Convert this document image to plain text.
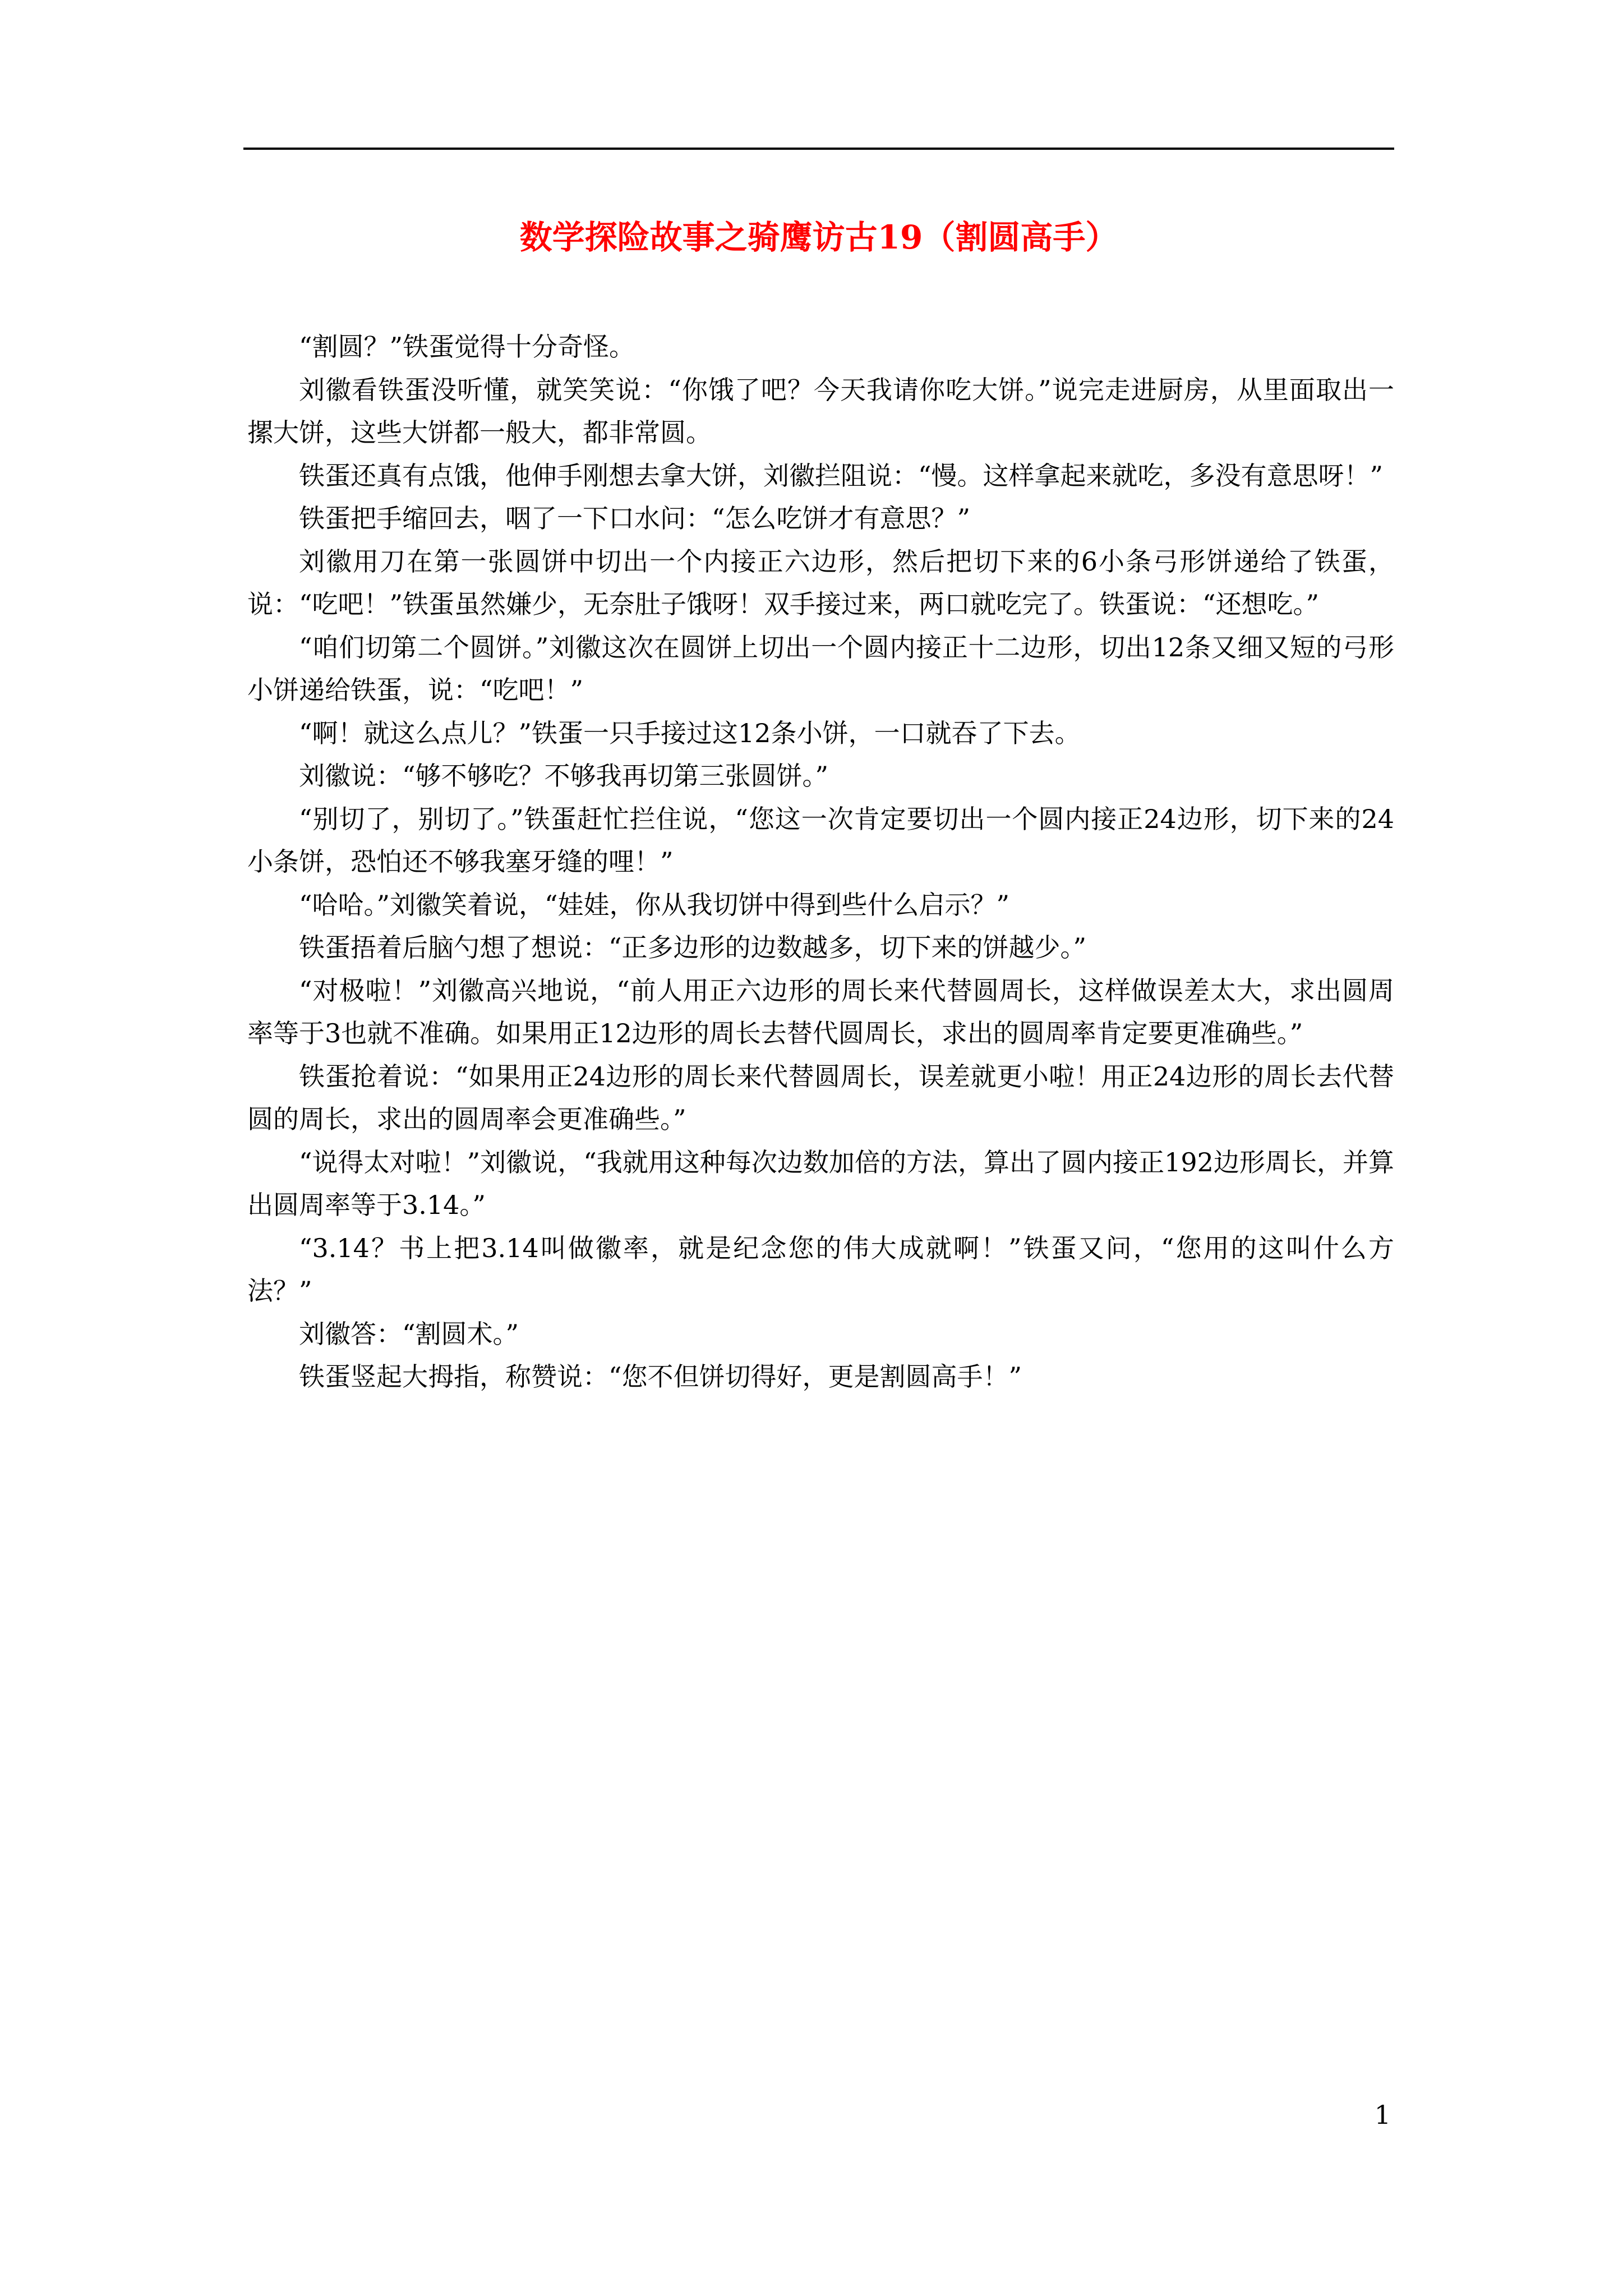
数学探险故事之骑鹰访古19（割圆高手）

“割圆？”铁蛋觉得十分奇怪。

刘徽看铁蛋没听懂，就笑笑说：“你饿了吧？今天我请你吃大饼。”说完走进厨房，从里面取出一摞大饼，这些大饼都一般大，都非常圆。

铁蛋还真有点饿，他伸手刚想去拿大饼，刘徽拦阻说：“慢。这样拿起来就吃，多没有意思呀！”

铁蛋把手缩回去，咽了一下口水问：“怎么吃饼才有意思？”

刘徽用刀在第一张圆饼中切出一个内接正六边形，然后把切下来的6小条弓形饼递给了铁蛋，说：“吃吧！”铁蛋虽然嫌少，无奈肚子饿呀！双手接过来，两口就吃完了。铁蛋说：“还想吃。”

“咱们切第二个圆饼。”刘徽这次在圆饼上切出一个圆内接正十二边形，切出12条又细又短的弓形小饼递给铁蛋，说：“吃吧！”

“啊！就这么点儿？”铁蛋一只手接过这12条小饼，一口就吞了下去。

刘徽说：“够不够吃？不够我再切第三张圆饼。”

“别切了，别切了。”铁蛋赶忙拦住说，“您这一次肯定要切出一个圆内接正24边形，切下来的24小条饼，恐怕还不够我塞牙缝的哩！”

“哈哈。”刘徽笑着说，“娃娃，你从我切饼中得到些什么启示？”

铁蛋捂着后脑勺想了想说：“正多边形的边数越多，切下来的饼越少。”

“对极啦！”刘徽高兴地说，“前人用正六边形的周长来代替圆周长，这样做误差太大，求出圆周率等于3也就不准确。如果用正12边形的周长去替代圆周长，求出的圆周率肯定要更准确些。”

铁蛋抢着说：“如果用正24边形的周长来代替圆周长，误差就更小啦！用正24边形的周长去代替圆的周长，求出的圆周率会更准确些。”

“说得太对啦！”刘徽说，“我就用这种每次边数加倍的方法，算出了圆内接正192边形周长，并算出圆周率等于3.14。”

“3.14？书上把3.14叫做徽率，就是纪念您的伟大成就啊！”铁蛋又问，“您用的这叫什么方法？”

刘徽答：“割圆术。”

铁蛋竖起大拇指，称赞说：“您不但饼切得好，更是割圆高手！”

1
